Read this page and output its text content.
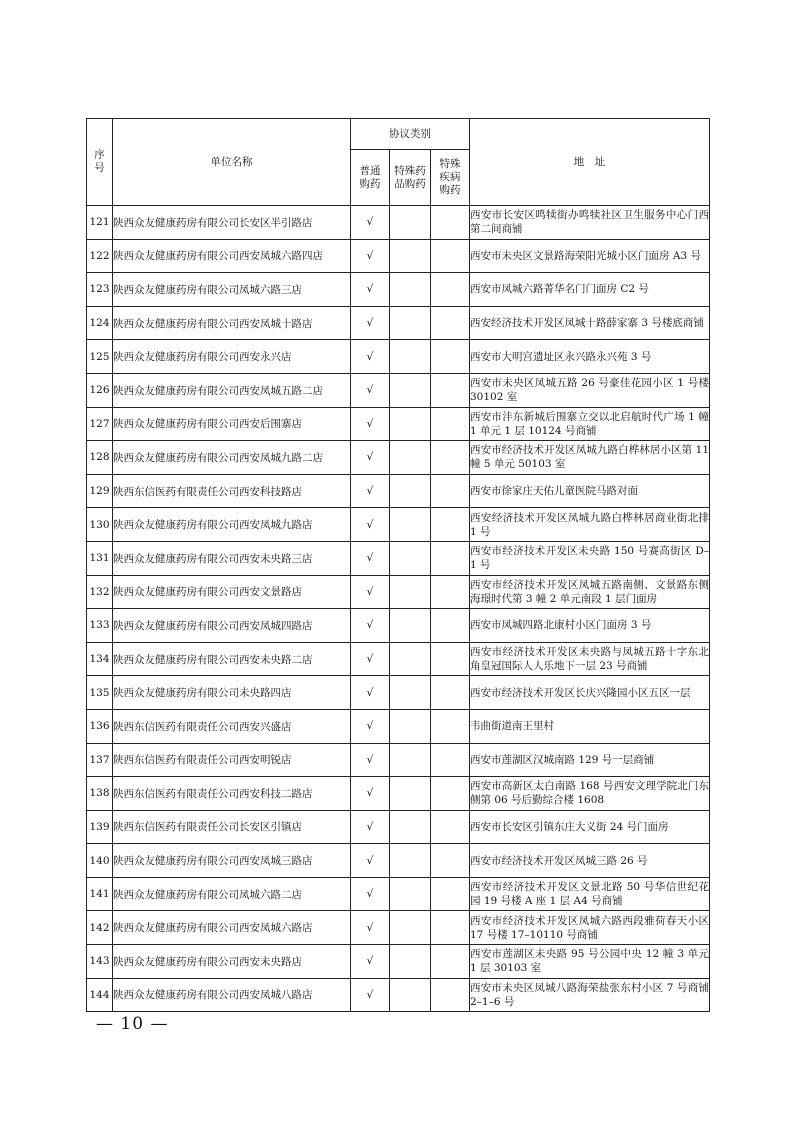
序号	单位名称	协议类别			地　址

		普通购药	特殊药品购药	特殊疾病购药	

121	陕西众友健康药房有限公司长安区半引路店	√			西安市长安区鸣犊街办鸣犊社区卫生服务中心门西第二间商铺
122	陕西众友健康药房有限公司西安凤城六路四店	√			西安市未央区文景路海荣阳光城小区门面房 A3 号
123	陕西众友健康药房有限公司凤城六路三店	√			西安市凤城六路菁华名门门面房 C2 号
124	陕西众友健康药房有限公司西安凤城十路店	√			西安经济技术开发区凤城十路薛家寨 3 号楼底商铺
125	陕西众友健康药房有限公司西安永兴店	√			西安市大明宫遗址区永兴路永兴苑 3 号
126	陕西众友健康药房有限公司西安凤城五路二店	√			西安市未央区凤城五路 26 号豪佳花园小区 1 号楼 30102 室
127	陕西众友健康药房有限公司西安后围寨店	√			西安市沣东新城后围寨立交以北启航时代广场 1 幢 1 单元 1 层 10124 号商铺
128	陕西众友健康药房有限公司西安凤城九路二店	√			西安市经济技术开发区凤城九路白桦林居小区第 11 幢 5 单元 50103 室
129	陕西东信医药有限责任公司西安科技路店	√			西安市徐家庄天佑儿童医院马路对面
130	陕西众友健康药房有限公司西安凤城九路店	√			西安经济技术开发区凤城九路白桦林居商业街北排 1 号
131	陕西众友健康药房有限公司西安未央路三店	√			西安市经济技术开发区未央路 150 号赛高街区 D–1 号
132	陕西众友健康药房有限公司西安文景路店	√			西安市经济技术开发区凤城五路南侧、文景路东侧海璟时代第 3 幢 2 单元南段 1 层门面房
133	陕西众友健康药房有限公司西安凤城四路店	√			西安市凤城四路北康村小区门面房 3 号
134	陕西众友健康药房有限公司西安未央路二店	√			西安市经济技术开发区未央路与凤城五路十字东北角皇冠国际人人乐地下一层 23 号商铺
135	陕西众友健康药房有限公司未央路四店	√			西安市经济技术开发区长庆兴隆园小区五区一层
136	陕西东信医药有限责任公司西安兴盛店	√			韦曲街道南王里村
137	陕西东信医药有限责任公司西安明锐店	√			西安市莲湖区汉城南路 129 号一层商铺
138	陕西东信医药有限责任公司西安科技二路店	√			西安市高新区太白南路 168 号西安文理学院北门东侧第 06 号后勤综合楼 1608
139	陕西东信医药有限责任公司长安区引镇店	√			西安市长安区引镇东庄大义街 24 号门面房
140	陕西众友健康药房有限公司西安凤城三路店	√			西安市经济技术开发区凤城三路 26 号
141	陕西众友健康药房有限公司凤城六路二店	√			西安市经济技术开发区文景北路 50 号华信世纪花园 19 号楼 A 座 1 层 A4 号商铺
142	陕西众友健康药房有限公司西安凤城六路店	√			西安市经济技术开发区凤城六路西段雅荷春天小区 17 号楼 17–10110 号商铺
143	陕西众友健康药房有限公司西安未央路店	√			西安市莲湖区未央路 95 号公园中央 12 幢 3 单元 1 层 30103 室
144	陕西众友健康药房有限公司西安凤城八路店	√			西安市未央区凤城八路海荣盐张东村小区 7 号商铺 2–1–6 号
— 10 —
